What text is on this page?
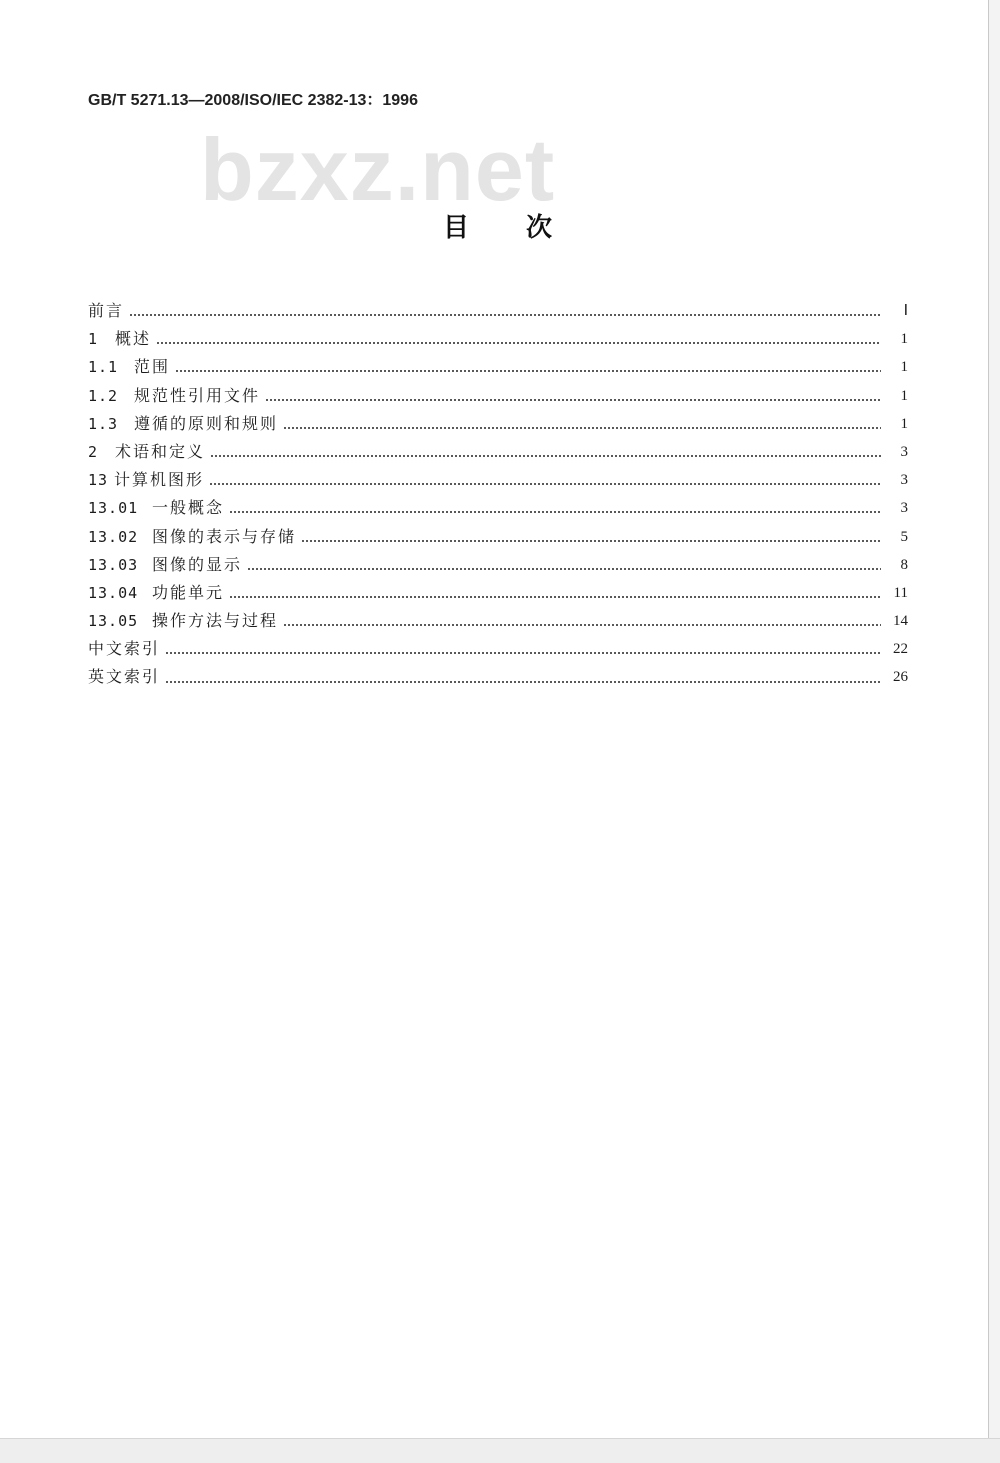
GB/T 5271.13—2008/ISO/IEC 2382-13：1996
bzxz.net
目次
前言	Ⅰ
1 概述	1
1.1 范围	1
1.2 规范性引用文件	1
1.3 遵循的原则和规则	1
2 术语和定义	3
13 计算机图形	3
13.01 一般概念	3
13.02 图像的表示与存储	5
13.03 图像的显示	8
13.04 功能单元	11
13.05 操作方法与过程	14
中文索引	22
英文索引	26
